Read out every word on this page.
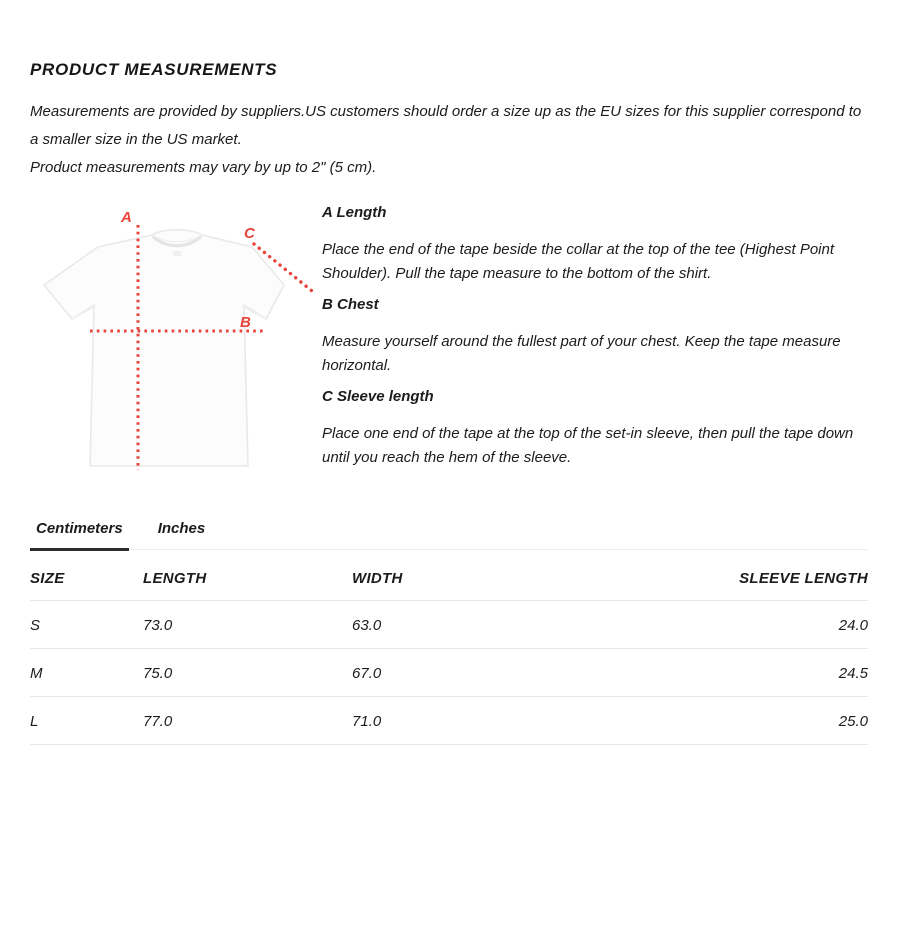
PRODUCT MEASUREMENTS

Measurements are provided by suppliers.US customers should order a size up as the EU sizes for this supplier correspond to a smaller size in the US market.

Product measurements may vary by up to 2" (5 cm).

A
B
C
A Length

Place the end of the tape beside the collar at the top of the tee (Highest Point Shoulder). Pull the tape measure to the bottom of the shirt.

B Chest

Measure yourself around the fullest part of your chest. Keep the tape measure horizontal.

C Sleeve length

Place one end of the tape at the top of the set-in sleeve, then pull the tape down until you reach the hem of the sleeve.

Centimeters	Inches
SIZE	LENGTH	WIDTH	SLEEVE LENGTH
S	73.0	63.0	24.0
M	75.0	67.0	24.5
L	77.0	71.0	25.0
